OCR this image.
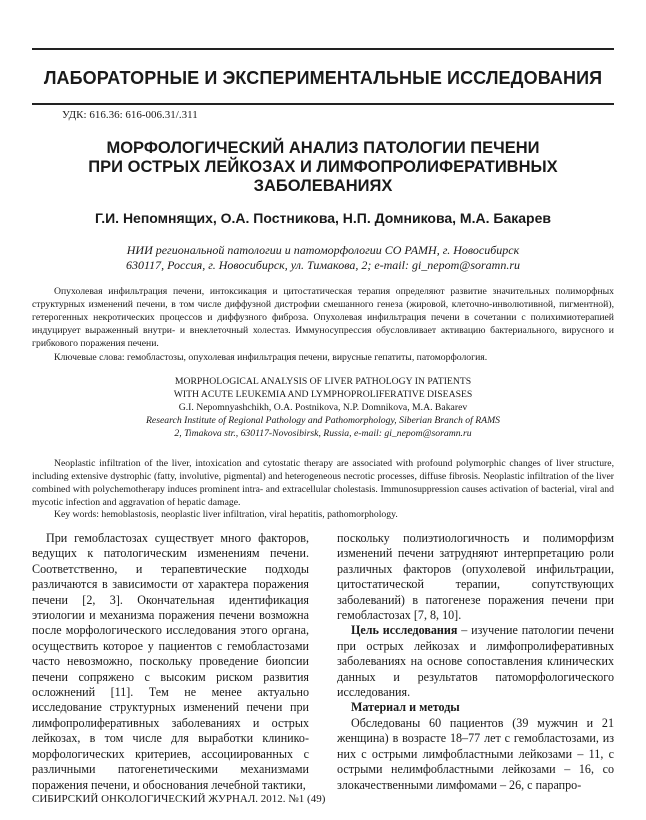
ЛАБОРАТОРНЫЕ И ЭКСПЕРИМЕНТАЛЬНЫЕ ИССЛЕДОВАНИЯ
УДК: 616.36: 616-006.31/.311
МОРФОЛОГИЧЕСКИЙ АНАЛИЗ ПАТОЛОГИИ ПЕЧЕНИ
ПРИ ОСТРЫХ ЛЕЙКОЗАХ И ЛИМФОПРОЛИФЕРАТИВНЫХ
ЗАБОЛЕВАНИЯХ
Г.И. Непомнящих, О.А. Постникова, Н.П. Домникова, М.А. Бакарев
НИИ региональной патологии и патоморфологии СО РАМН, г. Новосибирск
630117, Россия, г. Новосибирск, ул. Тимакова, 2; e-mail: gi_nepom@soramn.ru
Опухолевая инфильтрация печени, интоксикация и цитостатическая терапия определяют развитие значительных полиморфных структурных изменений печени, в том числе диффузной дистрофии смешанного генеза (жировой, клеточно-инволютивной, пигментной), гетерогенных некротических процессов и диффузного фиброза. Опухолевая инфильтрация печени в сочетании с полихимиотерапией индуцирует выраженный внутри- и внеклеточный холестаз. Иммуносупрессия обусловливает активацию бактериального, вирусного и грибкового поражения печени.
Ключевые слова: гемобластозы, опухолевая инфильтрация печени, вирусные гепатиты, патоморфология.
MORPHOLOGICAL ANALYSIS OF LIVER PATHOLOGY IN PATIENTS
WITH ACUTE LEUKEMIA AND LYMPHOPROLIFERATIVE DISEASES
G.I. Nepomnyashchikh, O.A. Postnikova, N.P. Domnikova, M.A. Bakarev
Research Institute of Regional Pathology and Pathomorphology, Siberian Branch of RAMS
2, Timakova str., 630117-Novosibirsk, Russia, e-mail: gi_nepom@soramn.ru
Neoplastic infiltration of the liver, intoxication and cytostatic therapy are associated with profound polymorphic changes of liver structure, including extensive dystrophic (fatty, involutive, pigmental) and heterogeneous necrotic processes, diffuse fibrosis. Neoplastic infiltration of the liver combined with polychemotherapy induces prominent intra- and extracellular cholestasis. Immunosuppression causes activation of bacterial, viral and mycotic infection and aggravation of hepatic damage.
Key words: hemoblastosis, neoplastic liver infiltration, viral hepatitis, pathomorphology.

При гемобластозах существует много факторов, ведущих к патологическим изменениям печени. Соответственно, и терапевтические подходы различаются в зависимости от характера поражения печени [2, 3]. Окончательная идентификация этиологии и механизма поражения печени возможна после морфологического исследования этого органа, осуществить которое у пациентов с гемобластозами часто невозможно, поскольку проведение биопсии печени сопряжено с высоким риском развития осложнений [11]. Тем не менее актуально исследование структурных изменений печени при лимфопролиферативных заболеваниях и острых лейкозах, в том числе для выработки клинико-морфологических критериев, ассоциированных с различными патогенетическими механизмами поражения печени, и обоснования лечебной тактики,

поскольку полиэтиологичность и полиморфизм изменений печени затрудняют интерпретацию роли различных факторов (опухолевой инфильтрации, цитостатической терапии, сопутствующих заболеваний) в патогенезе поражения печени при гемобластозах [7, 8, 10].

Цель исследования – изучение патологии печени при острых лейкозах и лимфопролиферативных заболеваниях на основе сопоставления клинических данных и результатов патоморфологического исследования.

Материал и методы

Обследованы 60 пациентов (39 мужчин и 21 женщина) в возрасте 18–77 лет с гемобластозами, из них с острыми лимфобластными лейкозами – 11, с острыми нелимфобластными лейкозами – 16, со злокачественными лимфомами – 26, с парапро-

СИБИРСКИЙ ОНКОЛОГИЧЕСКИЙ ЖУРНАЛ. 2012. №1 (49)
